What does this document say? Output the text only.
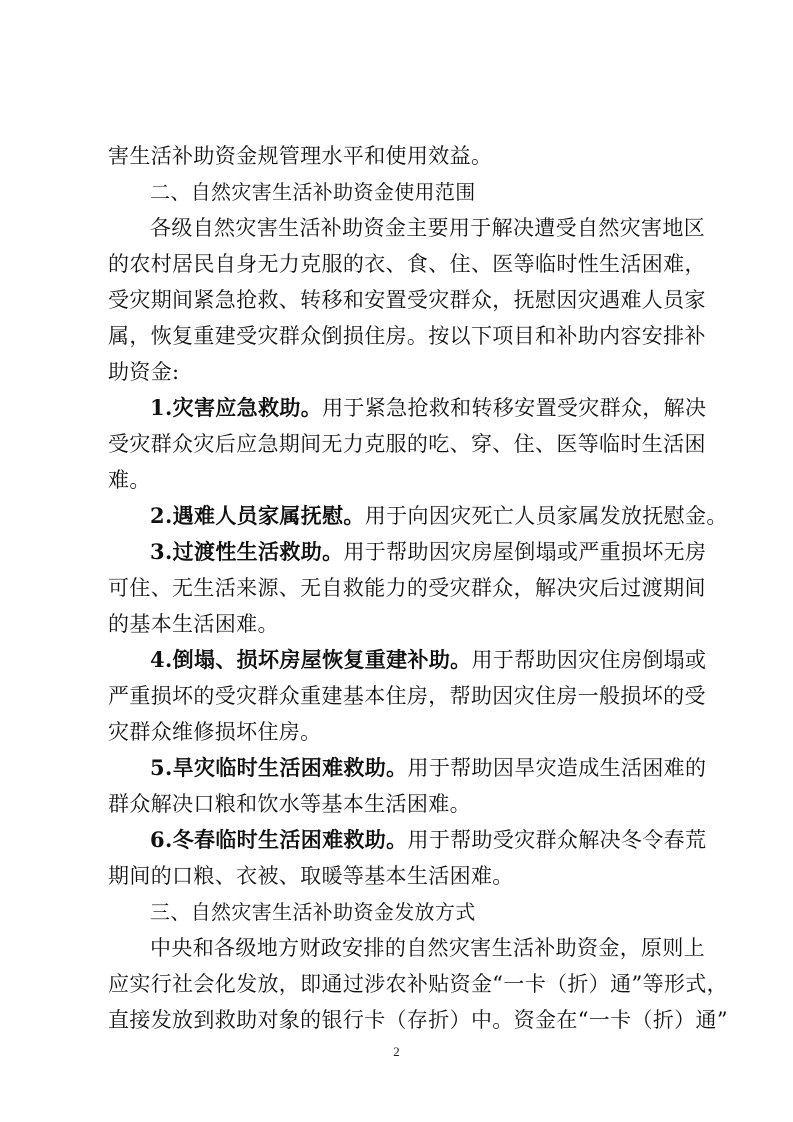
害生活补助资金规管理水平和使用效益。

二、自然灾害生活补助资金使用范围

各级自然灾害生活补助资金主要用于解决遭受自然灾害地区

的农村居民自身无力克服的衣、食、住、医等临时性生活困难，

受灾期间紧急抢救、转移和安置受灾群众，抚慰因灾遇难人员家

属，恢复重建受灾群众倒损住房。按以下项目和补助内容安排补

助资金:

1.灾害应急救助。用于紧急抢救和转移安置受灾群众，解决

受灾群众灾后应急期间无力克服的吃、穿、住、医等临时生活困

难。

2.遇难人员家属抚慰。用于向因灾死亡人员家属发放抚慰金。

3.过渡性生活救助。用于帮助因灾房屋倒塌或严重损坏无房

可住、无生活来源、无自救能力的受灾群众，解决灾后过渡期间

的基本生活困难。

4.倒塌、损坏房屋恢复重建补助。用于帮助因灾住房倒塌或

严重损坏的受灾群众重建基本住房，帮助因灾住房一般损坏的受

灾群众维修损坏住房。

5.旱灾临时生活困难救助。用于帮助因旱灾造成生活困难的

群众解决口粮和饮水等基本生活困难。

6.冬春临时生活困难救助。用于帮助受灾群众解决冬令春荒

期间的口粮、衣被、取暖等基本生活困难。

三、自然灾害生活补助资金发放方式

中央和各级地方财政安排的自然灾害生活补助资金，原则上

应实行社会化发放，即通过涉农补贴资金“一卡（折）通”等形式，

直接发放到救助对象的银行卡（存折）中。资金在“一卡（折）通”

2
